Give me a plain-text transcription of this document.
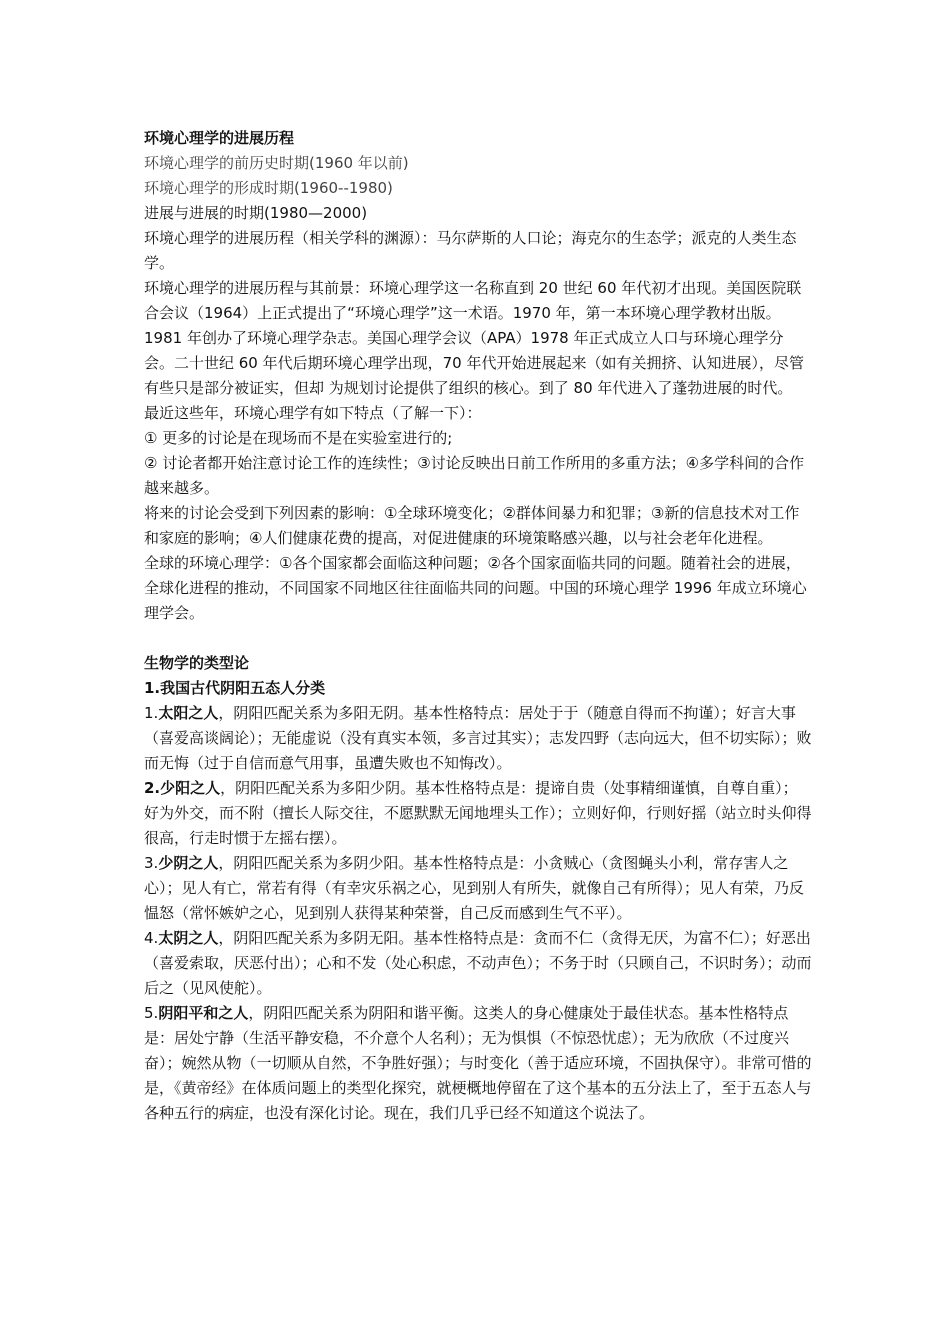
环境心理学的进展历程

环境心理学的前历史时期(1960 年以前)

环境心理学的形成时期(1960--1980)

进展与进展的时期(1980—2000)

环境心理学的进展历程（相关学科的渊源）：马尔萨斯的人口论；海克尔的生态学；派克的人类生态学。

环境心理学的进展历程与其前景：环境心理学这一名称直到 20 世纪 60 年代初才出现。美国医院联合会议（1964）上正式提出了“环境心理学”这一术语。1970 年，第一本环境心理学教材出版。1981 年创办了环境心理学杂志。美国心理学会议（APA）1978 年正式成立人口与环境心理学分会。二十世纪 60 年代后期环境心理学出现，70 年代开始进展起来（如有关拥挤、认知进展），尽管有些只是部分被证实，但却 为规划讨论提供了组织的核心。到了 80 年代进入了蓬勃进展的时代。

最近这些年，环境心理学有如下特点（了解一下）：

① 更多的讨论是在现场而不是在实验室进行的;

② 讨论者都开始注意讨论工作的连续性；③讨论反映出日前工作所用的多重方法；④多学科间的合作越来越多。

将来的讨论会受到下列因素的影响：①全球环境变化；②群体间暴力和犯罪；③新的信息技术对工作和家庭的影响；④人们健康花费的提高，对促进健康的环境策略感兴趣，以与社会老年化进程。

全球的环境心理学：①各个国家都会面临这种问题；②各个国家面临共同的问题。随着社会的进展，全球化进程的推动，不同国家不同地区往往面临共同的问题。中国的环境心理学 1996 年成立环境心理学会。

生物学的类型论

1.我国古代阴阳五态人分类

1.太阳之人，阴阳匹配关系为多阳无阴。基本性格特点：居处于于（随意自得而不拘谨）；好言大事（喜爱高谈阔论）；无能虚说（没有真实本领，多言过其实）；志发四野（志向远大，但不切实际）；败而无悔（过于自信而意气用事，虽遭失败也不知悔改）。

2.少阳之人，阴阳匹配关系为多阳少阴。基本性格特点是：提谛自贵（处事精细谨慎，自尊自重）；好为外交，而不附（擅长人际交往，不愿默默无闻地埋头工作）；立则好仰，行则好摇（站立时头仰得很高，行走时惯于左摇右摆）。

3.少阴之人，阴阳匹配关系为多阴少阳。基本性格特点是：小贪贼心（贪图蝇头小利，常存害人之心）；见人有亡，常若有得（有幸灾乐祸之心，见到别人有所失，就像自己有所得）；见人有荣，乃反愠怒（常怀嫉妒之心，见到别人获得某种荣誉，自己反而感到生气不平）。

4.太阴之人，阴阳匹配关系为多阴无阳。基本性格特点是：贪而不仁（贪得无厌，为富不仁）；好恶出（喜爱索取，厌恶付出）；心和不发（处心积虑，不动声色）；不务于时（只顾自己，不识时务）；动而后之（见风使舵）。

5.阴阳平和之人，阴阳匹配关系为阴阳和谐平衡。这类人的身心健康处于最佳状态。基本性格特点是：居处宁静（生活平静安稳，不介意个人名利）；无为惧惧（不惊恐忧虑）；无为欣欣（不过度兴奋）；婉然从物（一切顺从自然，不争胜好强）；与时变化（善于适应环境，不固执保守）。非常可惜的是，《黄帝经》在体质问题上的类型化探究，就梗概地停留在了这个基本的五分法上了，至于五态人与各种五行的病症，也没有深化讨论。现在，我们几乎已经不知道这个说法了。
